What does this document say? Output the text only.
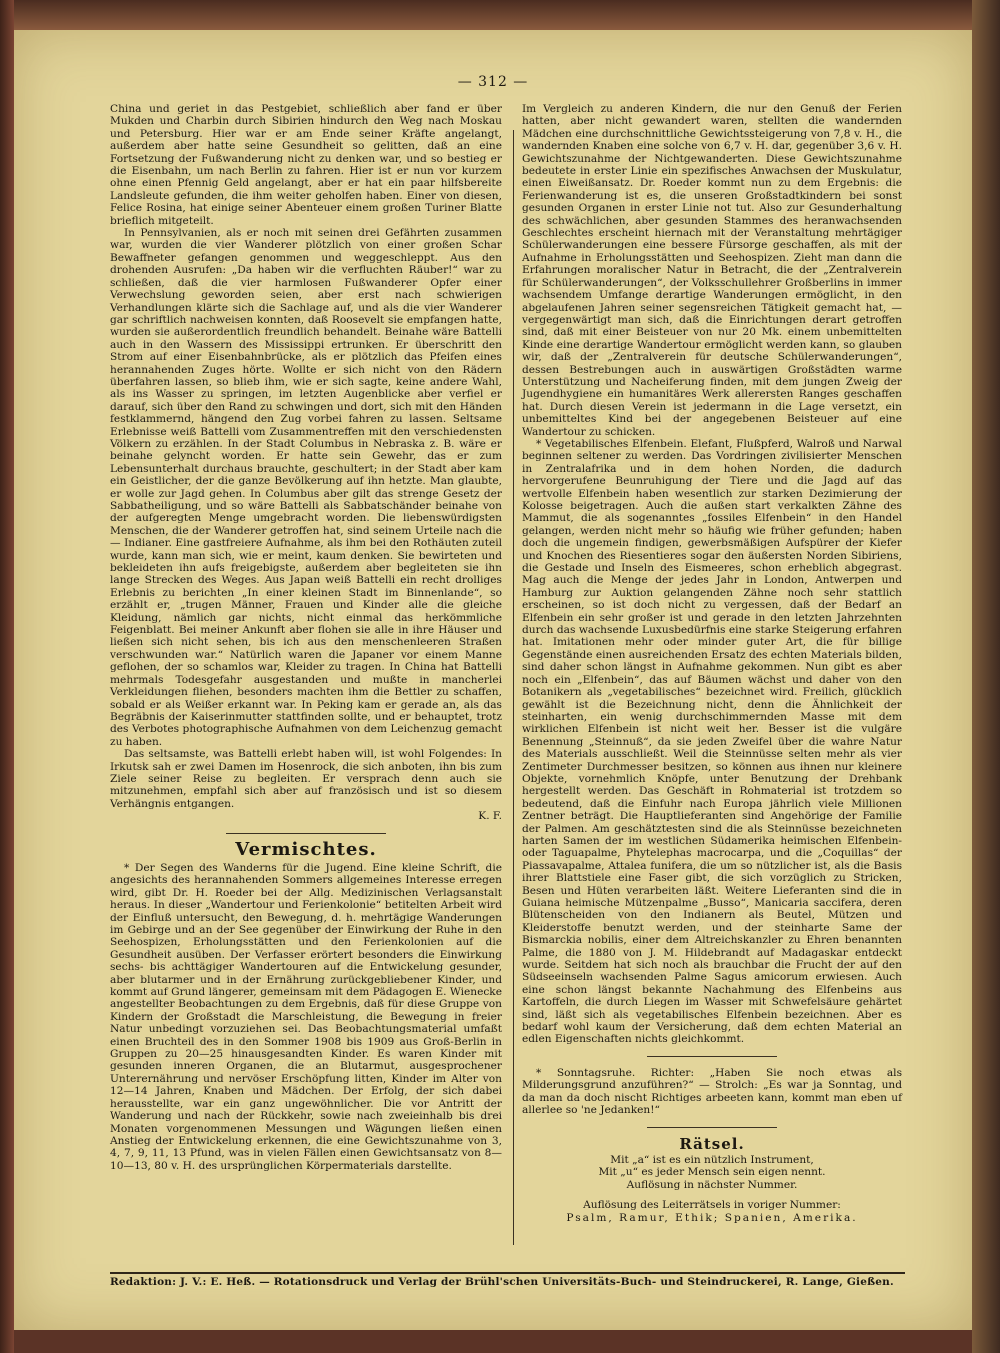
— 312 —

China und geriet in das Pestgebiet, schließlich aber fand er über Mukden und Charbin durch Sibirien hindurch den Weg nach Moskau und Petersburg. Hier war er am Ende seiner Kräfte angelangt, außerdem aber hatte seine Gesundheit so gelitten, daß an eine Fortsetzung der Fußwanderung nicht zu denken war, und so bestieg er die Eisenbahn, um nach Berlin zu fahren. Hier ist er nun vor kurzem ohne einen Pfennig Geld angelangt, aber er hat ein paar hilfsbereite Landsleute gefunden, die ihm weiter geholfen haben. Einer von diesen, Felice Rosina, hat einige seiner Abenteuer einem großen Turiner Blatte brieflich mitgeteilt.

In Pennsylvanien, als er noch mit seinen drei Gefährten zusammen war, wurden die vier Wanderer plötzlich von einer großen Schar Bewaffneter gefangen genommen und weggeschleppt. Aus den drohenden Ausrufen: „Da haben wir die verfluchten Räuber!“ war zu schließen, daß die vier harmlosen Fußwanderer Opfer einer Verwechslung geworden seien, aber erst nach schwierigen Verhandlungen klärte sich die Sachlage auf, und als die vier Wanderer gar schriftlich nachweisen konnten, daß Roosevelt sie empfangen hatte, wurden sie außerordentlich freundlich behandelt. Beinahe wäre Battelli auch in den Wassern des Mississippi ertrunken. Er überschritt den Strom auf einer Eisenbahnbrücke, als er plötzlich das Pfeifen eines herannahenden Zuges hörte. Wollte er sich nicht von den Rädern überfahren lassen, so blieb ihm, wie er sich sagte, keine andere Wahl, als ins Wasser zu springen, im letzten Augenblicke aber verfiel er darauf, sich über den Rand zu schwingen und dort, sich mit den Händen festklammernd, hängend den Zug vorbei fahren zu lassen. Seltsame Erlebnisse weiß Battelli vom Zusammentreffen mit den verschiedensten Völkern zu erzählen. In der Stadt Columbus in Nebraska z. B. wäre er beinahe gelyncht worden. Er hatte sein Gewehr, das er zum Lebensunterhalt durchaus brauchte, geschultert; in der Stadt aber kam ein Geistlicher, der die ganze Bevölkerung auf ihn hetzte. Man glaubte, er wolle zur Jagd gehen. In Columbus aber gilt das strenge Gesetz der Sabbatheiligung, und so wäre Battelli als Sabbatschänder beinahe von der aufgeregten Menge umgebracht worden. Die liebenswürdigsten Menschen, die der Wanderer getroffen hat, sind seinem Urteile nach die — Indianer. Eine gastfreiere Aufnahme, als ihm bei den Rothäuten zuteil wurde, kann man sich, wie er meint, kaum denken. Sie bewirteten und bekleideten ihn aufs freigebigste, außerdem aber begleiteten sie ihn lange Strecken des Weges. Aus Japan weiß Battelli ein recht drolliges Erlebnis zu berichten „In einer kleinen Stadt im Binnenlande“, so erzählt er, „trugen Männer, Frauen und Kinder alle die gleiche Kleidung, nämlich gar nichts, nicht einmal das herkömmliche Feigenblatt. Bei meiner Ankunft aber flohen sie alle in ihre Häuser und ließen sich nicht sehen, bis ich aus den menschenleeren Straßen verschwunden war.“ Natürlich waren die Japaner vor einem Manne geflohen, der so schamlos war, Kleider zu tragen. In China hat Battelli mehrmals Todesgefahr ausgestanden und mußte in mancherlei Verkleidungen fliehen, besonders machten ihm die Bettler zu schaffen, sobald er als Weißer erkannt war. In Peking kam er gerade an, als das Begräbnis der Kaiserinmutter stattfinden sollte, und er behauptet, trotz des Verbotes photographische Aufnahmen von dem Leichenzug gemacht zu haben.

Das seltsamste, was Battelli erlebt haben will, ist wohl Folgendes: In Irkutsk sah er zwei Damen im Hosenrock, die sich anboten, ihn bis zum Ziele seiner Reise zu begleiten. Er versprach denn auch sie mitzunehmen, empfahl sich aber auf französisch und ist so diesem Verhängnis entgangen.

K. F.
Vermischtes.

* Der Segen des Wanderns für die Jugend. Eine kleine Schrift, die angesichts des herannahenden Sommers allgemeines Interesse erregen wird, gibt Dr. H. Roeder bei der Allg. Medizinischen Verlagsanstalt heraus. In dieser „Wandertour und Ferienkolonie“ betitelten Arbeit wird der Einfluß untersucht, den Bewegung, d. h. mehrtägige Wanderungen im Gebirge und an der See gegenüber der Einwirkung der Ruhe in den Seehospizen, Erholungsstätten und den Ferienkolonien auf die Gesundheit ausüben. Der Verfasser erörtert besonders die Einwirkung sechs- bis achttägiger Wandertouren auf die Entwickelung gesunder, aber blutarmer und in der Ernährung zurückgebliebener Kinder, und kommt auf Grund längerer, gemeinsam mit dem Pädagogen E. Wienecke angestellter Beobachtungen zu dem Ergebnis, daß für diese Gruppe von Kindern der Großstadt die Marschleistung, die Bewegung in freier Natur unbedingt vorzuziehen sei. Das Beobachtungsmaterial umfaßt einen Bruchteil des in den Sommer 1908 bis 1909 aus Groß-Berlin in Gruppen zu 20—25 hinausgesandten Kinder. Es waren Kinder mit gesunden inneren Organen, die an Blutarmut, ausgesprochener Unterernährung und nervöser Erschöpfung litten, Kinder im Alter von 12—14 Jahren, Knaben und Mädchen. Der Erfolg, der sich dabei herausstellte, war ein ganz ungewöhnlicher. Die vor Antritt der Wanderung und nach der Rückkehr, sowie nach zweieinhalb bis drei Monaten vorgenommenen Messungen und Wägungen ließen einen Anstieg der Entwickelung erkennen, die eine Gewichtszunahme von 3, 4, 7, 9, 11, 13 Pfund, was in vielen Fällen einen Gewichtsansatz von 8—10—13, 80 v. H. des ursprünglichen Körpermaterials darstellte.

Im Vergleich zu anderen Kindern, die nur den Genuß der Ferien hatten, aber nicht gewandert waren, stellten die wandernden Mädchen eine durchschnittliche Gewichtssteigerung von 7,8 v. H., die wandernden Knaben eine solche von 6,7 v. H. dar, gegenüber 3,6 v. H. Gewichtszunahme der Nichtgewanderten. Diese Gewichtszunahme bedeutete in erster Linie ein spezifisches Anwachsen der Muskulatur, einen Eiweißansatz. Dr. Roeder kommt nun zu dem Ergebnis: die Ferienwanderung ist es, die unseren Großstadtkindern bei sonst gesunden Organen in erster Linie not tut. Also zur Gesunderhaltung des schwächlichen, aber gesunden Stammes des heranwachsenden Geschlechtes erscheint hiernach mit der Veranstaltung mehrtägiger Schülerwanderungen eine bessere Fürsorge geschaffen, als mit der Aufnahme in Erholungsstätten und Seehospizen. Zieht man dann die Erfahrungen moralischer Natur in Betracht, die der „Zentralverein für Schülerwanderungen“, der Volksschullehrer Großberlins in immer wachsendem Umfange derartige Wanderungen ermöglicht, in den abgelaufenen Jahren seiner segensreichen Tätigkeit gemacht hat, — vergegenwärtigt man sich, daß die Einrichtungen derart getroffen sind, daß mit einer Beisteuer von nur 20 Mk. einem unbemittelten Kinde eine derartige Wandertour ermöglicht werden kann, so glauben wir, daß der „Zentralverein für deutsche Schülerwanderungen“, dessen Bestrebungen auch in auswärtigen Großstädten warme Unterstützung und Nacheiferung finden, mit dem jungen Zweig der Jugendhygiene ein humanitäres Werk allerersten Ranges geschaffen hat. Durch diesen Verein ist jedermann in die Lage versetzt, ein unbemitteltes Kind bei der angegebenen Beisteuer auf eine Wandertour zu schicken.

* Vegetabilisches Elfenbein. Elefant, Flußpferd, Walroß und Narwal beginnen seltener zu werden. Das Vordringen zivilisierter Menschen in Zentralafrika und in dem hohen Norden, die dadurch hervorgerufene Beunruhigung der Tiere und die Jagd auf das wertvolle Elfenbein haben wesentlich zur starken Dezimierung der Kolosse beigetragen. Auch die außen start verkalkten Zähne des Mammut, die als sogenanntes „fossiles Elfenbein“ in den Handel gelangen, werden nicht mehr so häufig wie früher gefunden; haben doch die ungemein findigen, gewerbsmäßigen Aufspürer der Kiefer und Knochen des Riesentieres sogar den äußersten Norden Sibiriens, die Gestade und Inseln des Eismeeres, schon erheblich abgegrast. Mag auch die Menge der jedes Jahr in London, Antwerpen und Hamburg zur Auktion gelangenden Zähne noch sehr stattlich erscheinen, so ist doch nicht zu vergessen, daß der Bedarf an Elfenbein ein sehr großer ist und gerade in den letzten Jahrzehnten durch das wachsende Luxusbedürfnis eine starke Steigerung erfahren hat. Imitationen mehr oder minder guter Art, die für billige Gegenstände einen ausreichenden Ersatz des echten Materials bilden, sind daher schon längst in Aufnahme gekommen. Nun gibt es aber noch ein „Elfenbein“, das auf Bäumen wächst und daher von den Botanikern als „vegetabilisches“ bezeichnet wird. Freilich, glücklich gewählt ist die Bezeichnung nicht, denn die Ähnlichkeit der steinharten, ein wenig durchschimmernden Masse mit dem wirklichen Elfenbein ist nicht weit her. Besser ist die vulgäre Benennung „Steinnuß“, da sie jeden Zweifel über die wahre Natur des Materials ausschließt. Weil die Steinnüsse selten mehr als vier Zentimeter Durchmesser besitzen, so können aus ihnen nur kleinere Objekte, vornehmlich Knöpfe, unter Benutzung der Drehbank hergestellt werden. Das Geschäft in Rohmaterial ist trotzdem so bedeutend, daß die Einfuhr nach Europa jährlich viele Millionen Zentner beträgt. Die Hauptlieferanten sind Angehörige der Familie der Palmen. Am geschätztesten sind die als Steinnüsse bezeichneten harten Samen der im westlichen Südamerika heimischen Elfenbein- oder Taguapalme, Phytelephas macrocarpa, und die „Coquillas“ der Piassavapalme, Attalea funifera, die um so nützlicher ist, als die Basis ihrer Blattstiele eine Faser gibt, die sich vorzüglich zu Stricken, Besen und Hüten verarbeiten läßt. Weitere Lieferanten sind die in Guiana heimische Mützenpalme „Busso“, Manicaria saccifera, deren Blütenscheiden von den Indianern als Beutel, Mützen und Kleiderstoffe benutzt werden, und der steinharte Same der Bismarckia nobilis, einer dem Altreichskanzler zu Ehren benannten Palme, die 1880 von J. M. Hildebrandt auf Madagaskar entdeckt wurde. Seitdem hat sich noch als brauchbar die Frucht der auf den Südseeinseln wachsenden Palme Sagus amicorum erwiesen. Auch eine schon längst bekannte Nachahmung des Elfenbeins aus Kartoffeln, die durch Liegen im Wasser mit Schwefelsäure gehärtet sind, läßt sich als vegetabilisches Elfenbein bezeichnen. Aber es bedarf wohl kaum der Versicherung, daß dem echten Material an edlen Eigenschaften nichts gleichkommt.

* Sonntagsruhe. Richter: „Haben Sie noch etwas als Milderungsgrund anzuführen?“ — Strolch: „Es war ja Sonntag, und da man da doch nischt Richtiges arbeeten kann, kommt man eben uf allerlee so 'ne Jedanken!“

Rätsel.

Mit „a“ ist es ein nützlich Instrument,

Mit „u“ es jeder Mensch sein eigen nennt.

Auflösung in nächster Nummer.

Auflösung des Leiterrätsels in voriger Nummer:

Psalm, Ramur, Ethik; Spanien, Amerika.

Redaktion: J. V.: E. Heß. — Rotationsdruck und Verlag der Brühl'schen Universitäts-Buch- und Steindruckerei, R. Lange, Gießen.
